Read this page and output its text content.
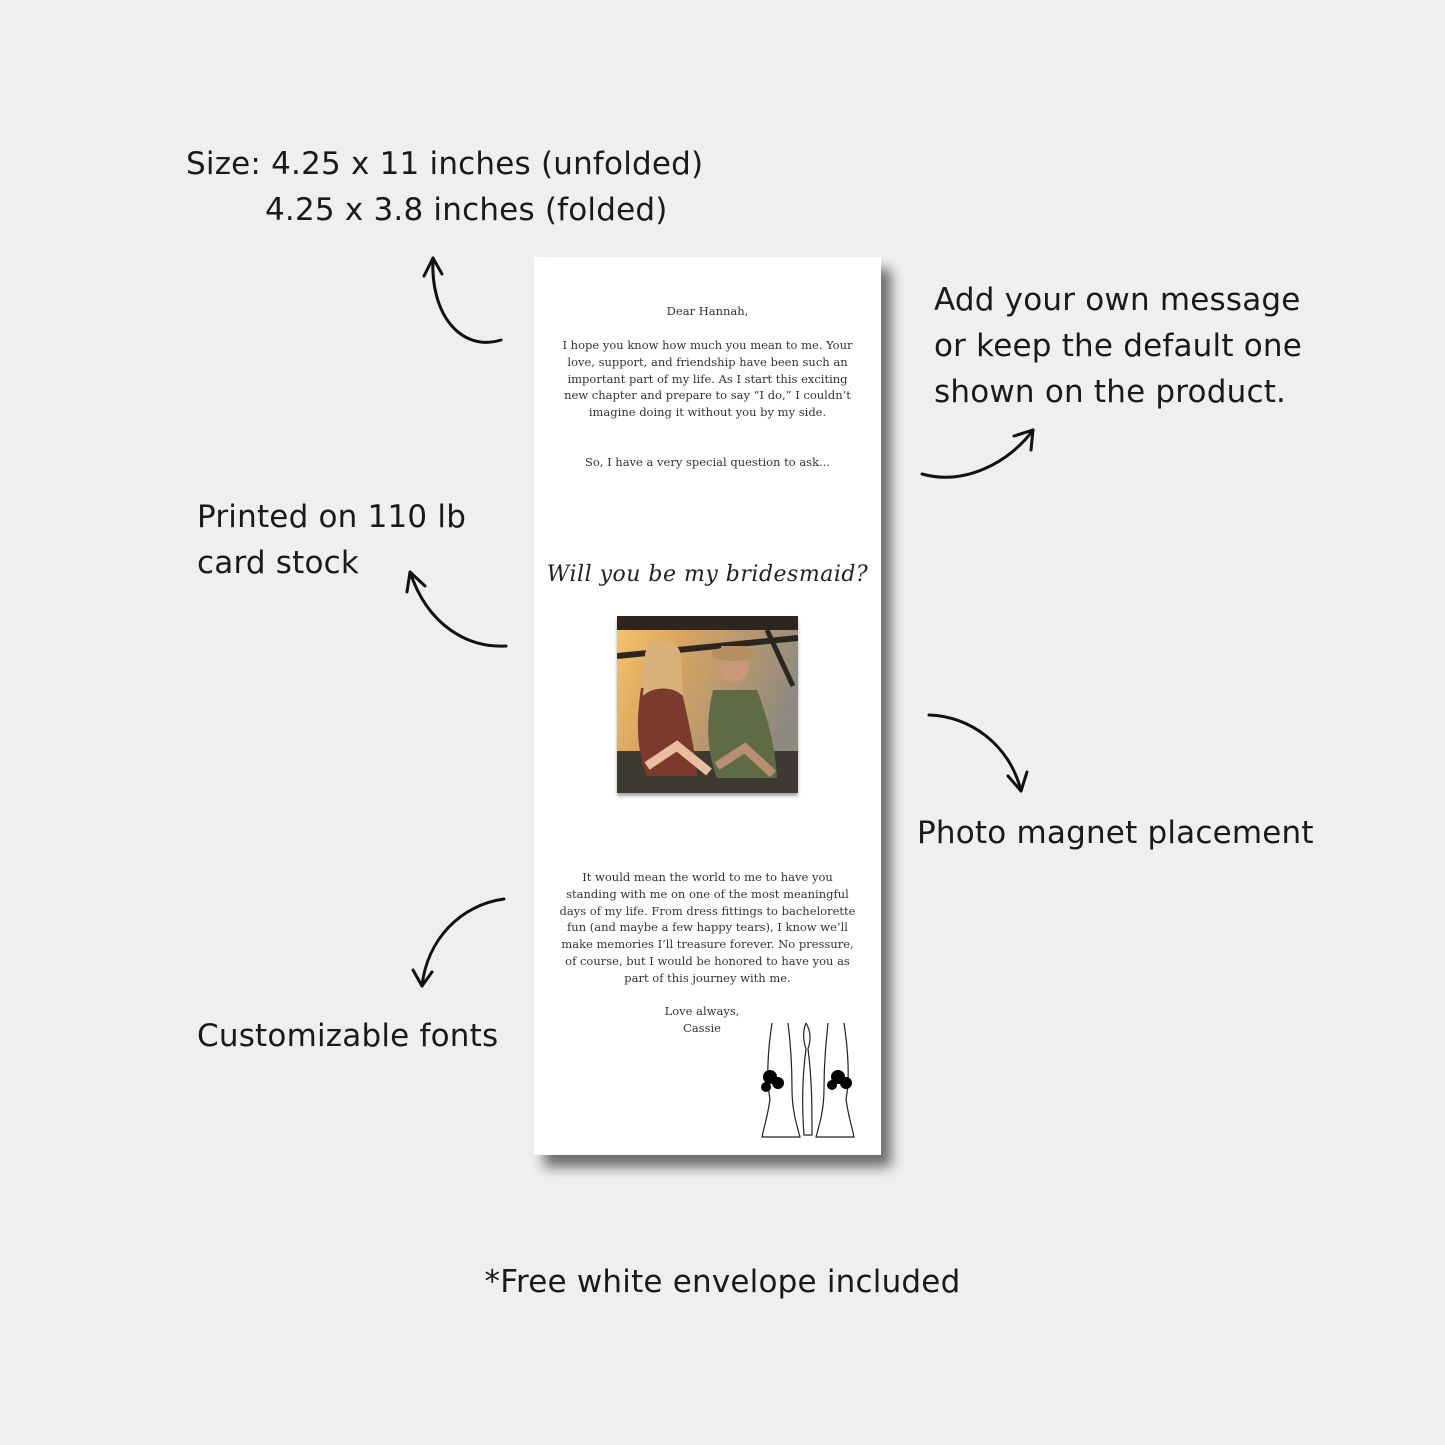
Size: 4.25 x 11 inches (unfolded)
4.25 x 3.8 inches (folded)
Add your own message
or keep the default one
shown on the product.
Printed on 110 lb
card stock
Photo magnet placement
Customizable fonts
*Free white envelope included
Dear Hannah,
I hope you know how much you mean to me. Your love, support, and friendship have been such an important part of my life. As I start this exciting new chapter and prepare to say “I do,” I couldn’t imagine doing it without you by my side.
So, I have a very special question to ask...
Will you be my bridesmaid?
It would mean the world to me to have you standing with me on one of the most meaningful days of my life. From dress fittings to bachelorette fun (and maybe a few happy tears), I know we’ll make memories I’ll treasure forever. No pressure, of course, but I would be honored to have you as part of this journey with me.
Love always,
Cassie
